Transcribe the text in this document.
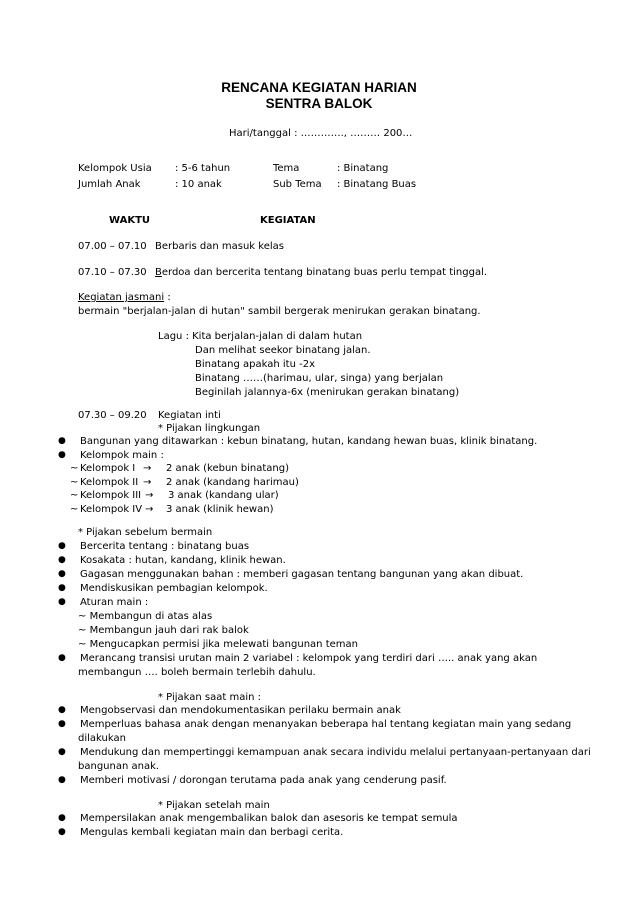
RENCANA KEGIATAN HARIAN
SENTRA BALOK
Hari/tanggal : …………., ……… 200…
Kelompok Usia : 5-6 tahun	Tema	: Binatang
Jumlah Anak	: 10 anak	Sub Tema : Binatang Buas
WAKTU	KEGIATAN
07.00 – 07.10 Berbaris dan masuk kelas
07.10 – 07.30 Berdoa dan bercerita tentang binatang buas perlu tempat tinggal.
Kegiatan jasmani :
bermain "berjalan-jalan di hutan" sambil bergerak menirukan gerakan binatang.
Lagu : Kita berjalan-jalan di dalam hutan
Dan melihat seekor binatang jalan.
Binatang apakah itu -2x
Binatang ……(harimau, ular, singa) yang berjalan
Beginilah jalannya-6x (menirukan gerakan binatang)
07.30 – 09.20 Kegiatan inti
* Pijakan lingkungan
● Bangunan yang ditawarkan : kebun binatang, hutan, kandang hewan buas, klinik binatang.
● Kelompok main :
~ Kelompok I → 2 anak (kebun binatang)
~ Kelompok II → 2 anak (kandang harimau)
~ Kelompok III → 3 anak (kandang ular)
~ Kelompok IV → 3 anak (klinik hewan)
* Pijakan sebelum bermain
● Bercerita tentang : binatang buas
● Kosakata : hutan, kandang, klinik hewan.
● Gagasan menggunakan bahan : memberi gagasan tentang bangunan yang akan dibuat.
● Mendiskusikan pembagian kelompok.
● Aturan main :
~ Membangun di atas alas
~ Membangun jauh dari rak balok
~ Mengucapkan permisi jika melewati bangunan teman
● Merancang transisi urutan main 2 variabel : kelompok yang terdiri dari ….. anak yang akan
membangun …. boleh bermain terlebih dahulu.
* Pijakan saat main :
● Mengobservasi dan mendokumentasikan perilaku bermain anak
● Memperluas bahasa anak dengan menanyakan beberapa hal tentang kegiatan main yang sedang
dilakukan
● Mendukung dan mempertinggi kemampuan anak secara individu melalui pertanyaan-pertanyaan dari
bangunan anak.
● Memberi motivasi / dorongan terutama pada anak yang cenderung pasif.
* Pijakan setelah main
● Mempersilakan anak mengembalikan balok dan asesoris ke tempat semula
● Mengulas kembali kegiatan main dan berbagi cerita.
